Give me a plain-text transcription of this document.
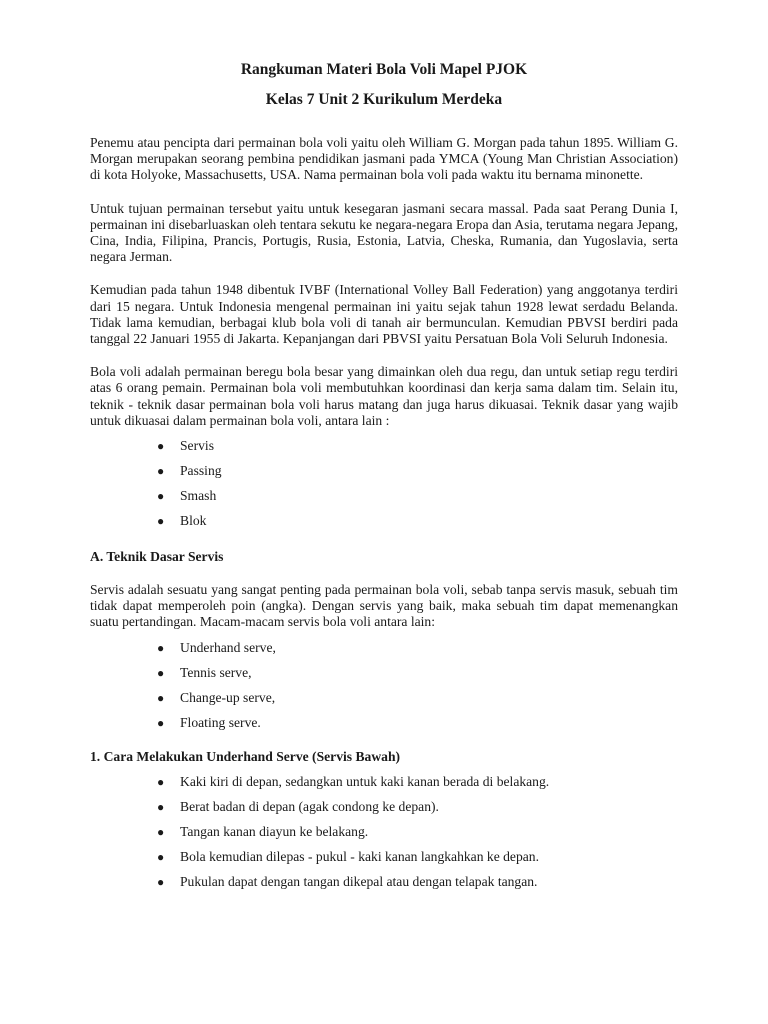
Rangkuman Materi Bola Voli Mapel PJOK
Kelas 7 Unit 2 Kurikulum Merdeka

Penemu atau pencipta dari permainan bola voli yaitu oleh William G. Morgan pada tahun 1895. William G. Morgan merupakan seorang pembina pendidikan jasmani pada YMCA (Young Man Christian Association) di kota Holyoke, Massachusetts, USA. Nama permainan bola voli pada waktu itu bernama minonette.

Untuk tujuan permainan tersebut yaitu untuk kesegaran jasmani secara massal. Pada saat Perang Dunia I, permainan ini disebarluaskan oleh tentara sekutu ke negara-negara Eropa dan Asia, terutama negara Jepang, Cina, India, Filipina, Prancis, Portugis, Rusia, Estonia, Latvia, Cheska, Rumania, dan Yugoslavia, serta negara Jerman.

Kemudian pada tahun 1948 dibentuk IVBF (International Volley Ball Federation) yang anggotanya terdiri dari 15 negara. Untuk Indonesia mengenal permainan ini yaitu sejak tahun 1928 lewat serdadu Belanda. Tidak lama kemudian, berbagai klub bola voli di tanah air bermunculan. Kemudian PBVSI berdiri pada tanggal 22 Januari 1955 di Jakarta. Kepanjangan dari PBVSI yaitu Persatuan Bola Voli Seluruh Indonesia.

Bola voli adalah permainan beregu bola besar yang dimainkan oleh dua regu, dan untuk setiap regu terdiri atas 6 orang pemain. Permainan bola voli membutuhkan koordinasi dan kerja sama dalam tim. Selain itu, teknik - teknik dasar permainan bola voli harus matang dan juga harus dikuasai. Teknik dasar yang wajib untuk dikuasai dalam permainan bola voli, antara lain :

● Servis
● Passing
● Smash
● Blok
A. Teknik Dasar Servis

Servis adalah sesuatu yang sangat penting pada permainan bola voli, sebab tanpa servis masuk, sebuah tim tidak dapat memperoleh poin (angka). Dengan servis yang baik, maka sebuah tim dapat memenangkan suatu pertandingan. Macam-macam servis bola voli antara lain:

● Underhand serve,
● Tennis serve,
● Change-up serve,
● Floating serve.
1. Cara Melakukan Underhand Serve (Servis Bawah)
● Kaki kiri di depan, sedangkan untuk kaki kanan berada di belakang.
● Berat badan di depan (agak condong ke depan).
● Tangan kanan diayun ke belakang.
● Bola kemudian dilepas - pukul - kaki kanan langkahkan ke depan.
● Pukulan dapat dengan tangan dikepal atau dengan telapak tangan.
